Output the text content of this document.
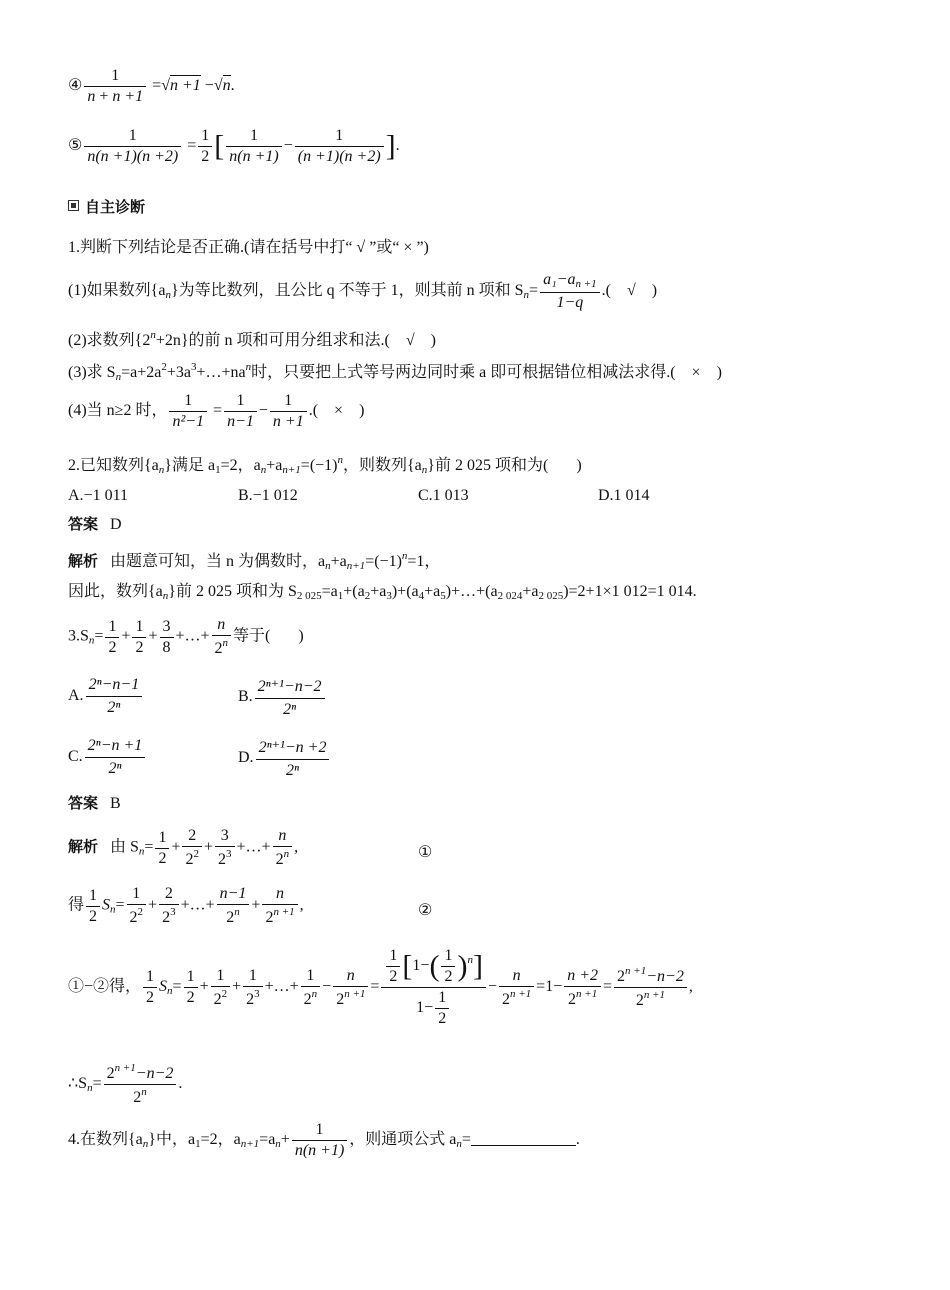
④ $\frac{1}{n + n +1} =√n +1 -√n$.
⑤ $\frac{1}{n(n +1)(n +2)} = \frac{1}{2}$ [ $\frac{1}{n(n +1)} - \frac{1}{(n +1)(n +2)}$ ].
自主诊断
1.判断下列结论是否正确.(请在括号中打“ √ ”或“ × ”)
(1)如果数列$\{a_n\}$为等比数列，且公比 q 不等于 1，则其前 n 项和 $S_n= \frac{a_1-a_{n +1}}{1-q}$ .( √ )
(2)求数列$\{2^n+2n\}$的前 n 项和可用分组求和法.( √ )
(3)求 $S_n=a+2a^2+3a^3+\dots+na^n$时，只要把上式等号两边同时乘 a 即可根据错位相减法求得.( × )
(4)当 n≥2 时， $\frac{1}{\text{n²−1}} = \frac{1}{n-1} - \frac{1}{n +1}$ .( × )
2.已知数列$\{a_n\}$满足 $a_1=2$，$a_n+a_{n+1}=(-1)^n$，则数列$\{a_n\}$前 2 025 项和为( )
A.−1 011	B.−1 012	C.1 013	D.1 014
答案 D
解析 由题意可知，当 n 为偶数时，$a_n+a_{n+1}=(-1)^n=1$，
因此，数列$\{a_n\}$前 2 025 项和为 $S_{2 025}=a_1+(a_2+a_3)+(a_4+a_5)+\dots+(a_{2 024}+a_{2 025})=2+1\times 1$ 012=1 014.
$3.S_n= \frac{1}{2} + \frac{1}{2} + \frac{3}{8}$ +…+ $\frac{n}{2^n}$ 等于( )
A. $\frac{\text{2ⁿ−n−1}}{\text{2ⁿ}}$	B. $\frac{\text{2ⁿ⁺¹−n−2}}{\text{2ⁿ}}$
C. $\frac{\text{2ⁿ−n +1}}{\text{2ⁿ}}$	D. $\frac{\text{2ⁿ⁺¹−n +2}}{\text{2ⁿ}}$
答案 B
解析 由 $S_n= \frac{1}{2} + \frac{2}{2^2} + \frac{3}{2^3}$ +…+ $\frac{n}{2^n}$ ,	①
得 $\frac{1}{2} S_n= \frac{1}{2^2} + \frac{2}{2^3}$ +…+ $\frac{n-1}{2^n} + \frac{n}{2^{n +1}}$ ,	②
①−②得， $\frac{1}{2} S_n= \frac{1}{2} + \frac{1}{2^2} + \frac{1}{2^3}$ +…+ $\frac{1}{2^n} - \frac{n}{2^{n +1}} = \frac{\frac{1}{2} [1-( \frac{1}{2} )^n]}{1- \frac{1}{2}} - \frac{n}{2^{n +1}} =1- \frac{n +2}{2^{n +1}} = \frac{2^{n +1}-n-2}{2^{n +1}}$ ,
$\therefore S_n= \frac{2^{n +1}-n-2}{2^n}$ .
4.在数列$\{a_n\}$中，$a_1=2$，$a_{n+1}=a_n+ \frac{1}{n(n +1)}$ ，则通项公式 $a_n=$	.
